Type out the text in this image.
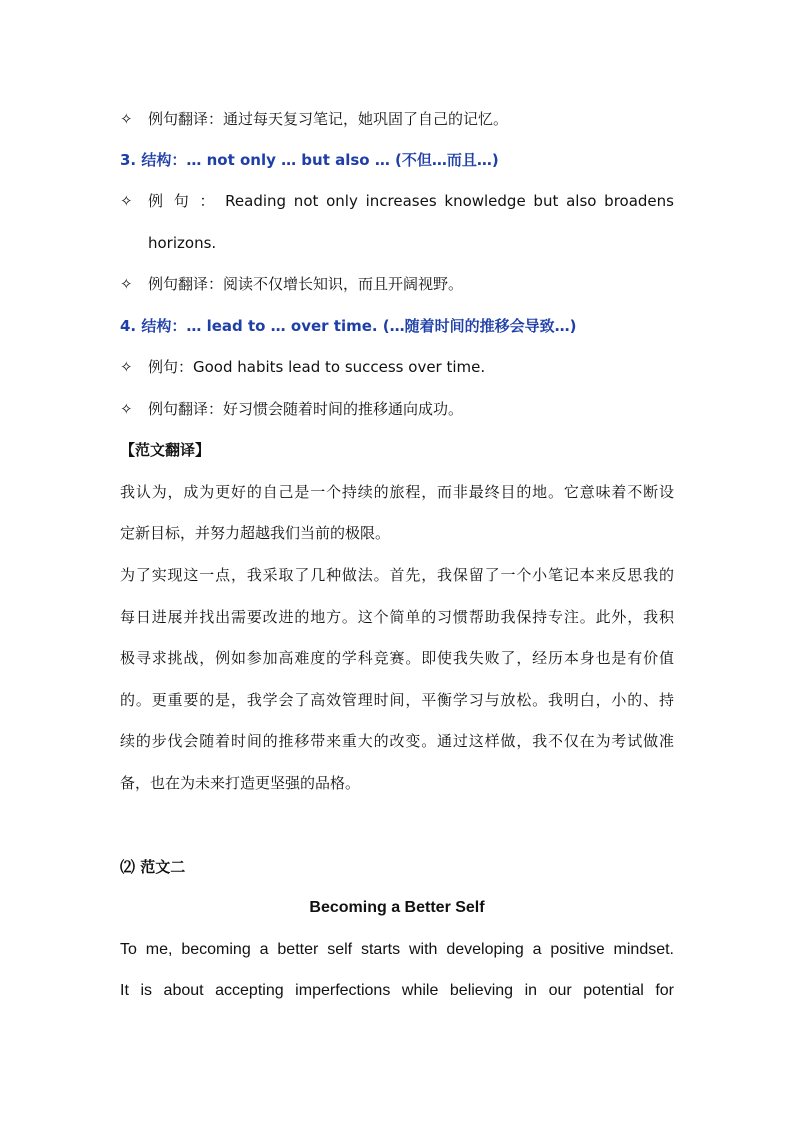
✧	例句翻译：通过每天复习笔记，她巩固了自己的记忆。
3. 结构：… not only … but also … (不但…而且…)
✧	例 句 ： Reading not only increases knowledge but also broadens
horizons.
✧	例句翻译：阅读不仅增长知识，而且开阔视野。
4. 结构：… lead to … over time. (…随着时间的推移会导致…)
✧	例句：Good habits lead to success over time.
✧	例句翻译：好习惯会随着时间的推移通向成功。
【范文翻译】
我认为，成为更好的自己是一个持续的旅程，而非最终目的地。它意味着不断设
定新目标，并努力超越我们当前的极限。
为了实现这一点，我采取了几种做法。首先，我保留了一个小笔记本来反思我的
每日进展并找出需要改进的地方。这个简单的习惯帮助我保持专注。此外，我积
极寻求挑战，例如参加高难度的学科竞赛。即使我失败了，经历本身也是有价值
的。更重要的是，我学会了高效管理时间，平衡学习与放松。我明白，小的、持
续的步伐会随着时间的推移带来重大的改变。通过这样做，我不仅在为考试做准
备，也在为未来打造更坚强的品格。
⑵ 范文二
Becoming a Better Self
To me, becoming a better self starts with developing a positive mindset.
It is about accepting imperfections while believing in our potential for
